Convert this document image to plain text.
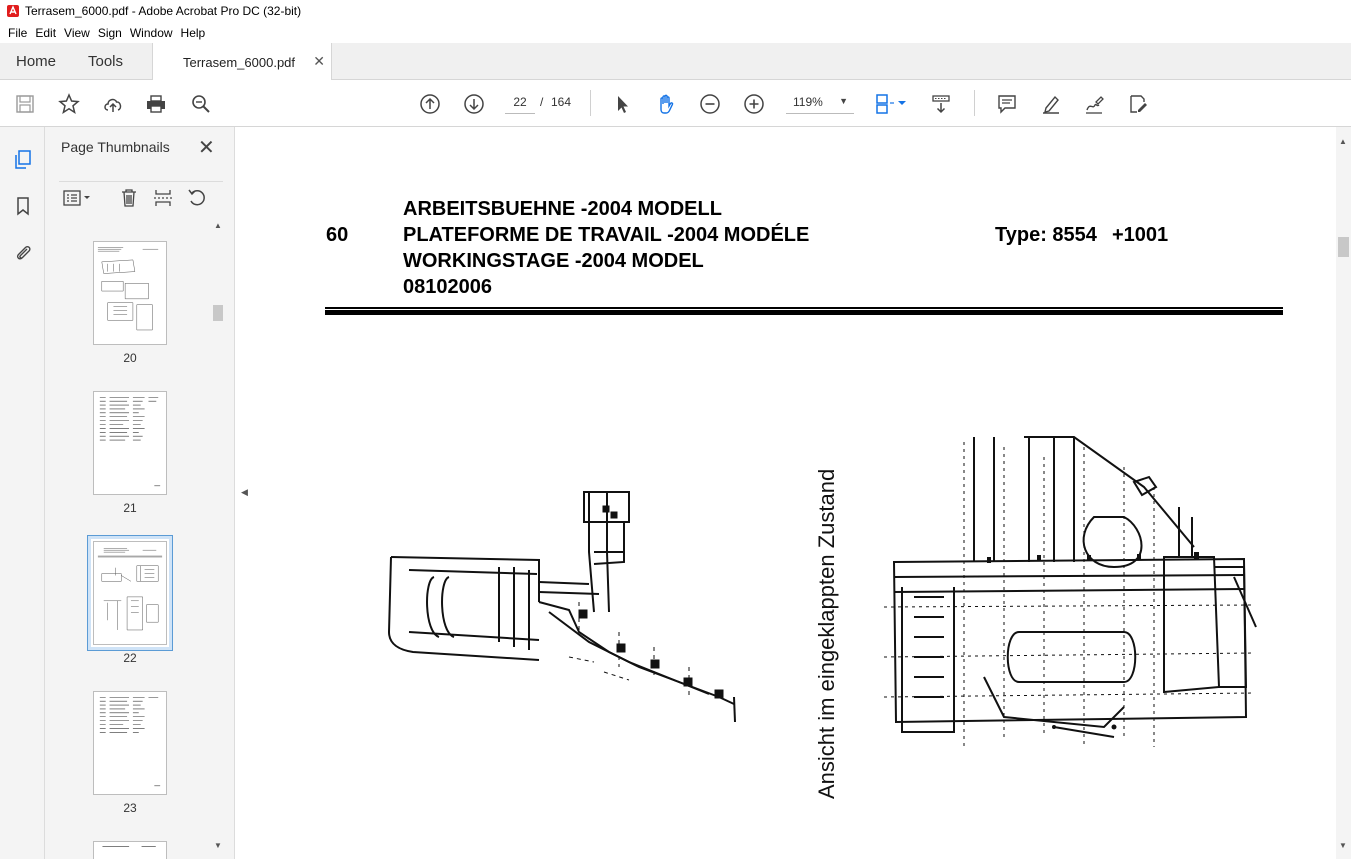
Terrasem_6000.pdf - Adobe Acrobat Pro DC (32-bit)
File Edit View Sign Window Help
Home Tools	Terrasem_6000.pdf ✕
22
/ 164	119% ▼
Page Thumbnails ✕
20
21
22
23
▲
▼
◀
60
ARBEITSBUEHNE -2004 MODELL
PLATEFORME DE TRAVAIL -2004 MODÉLE
WORKINGSTAGE -2004 MODEL
08102006
Type: 8554 +1001
Ansicht im eingeklappten Zustand
▲
▼
